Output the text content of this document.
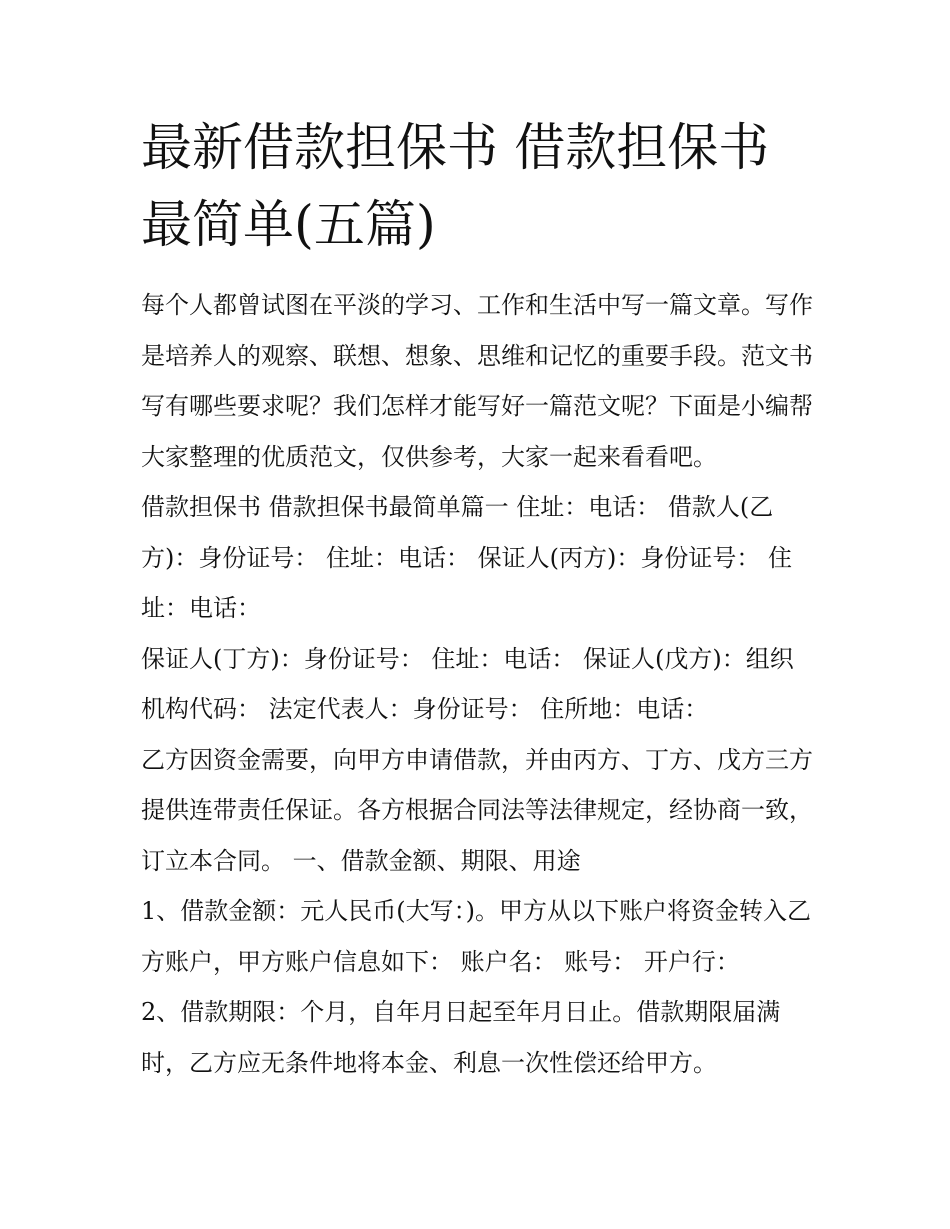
最新借款担保书 借款担保书最简单(五篇)

每个人都曾试图在平淡的学习、工作和生活中写一篇文章。写作是培养人的观察、联想、想象、思维和记忆的重要手段。范文书写有哪些要求呢？我们怎样才能写好一篇范文呢？下面是小编帮大家整理的优质范文，仅供参考，大家一起来看看吧。

借款担保书 借款担保书最简单篇一 住址：电话： 借款人(乙方)：身份证号： 住址：电话： 保证人(丙方)：身份证号： 住址：电话：

保证人(丁方)：身份证号： 住址：电话： 保证人(戊方)：组织机构代码： 法定代表人：身份证号： 住所地：电话：

乙方因资金需要，向甲方申请借款，并由丙方、丁方、戊方三方提供连带责任保证。各方根据合同法等法律规定，经协商一致，订立本合同。 一、借款金额、期限、用途

1、借款金额：元人民币(大写：)。甲方从以下账户将资金转入乙方账户，甲方账户信息如下： 账户名： 账号： 开户行：

2、借款期限：个月，自年月日起至年月日止。借款期限届满时，乙方应无条件地将本金、利息一次性偿还给甲方。
